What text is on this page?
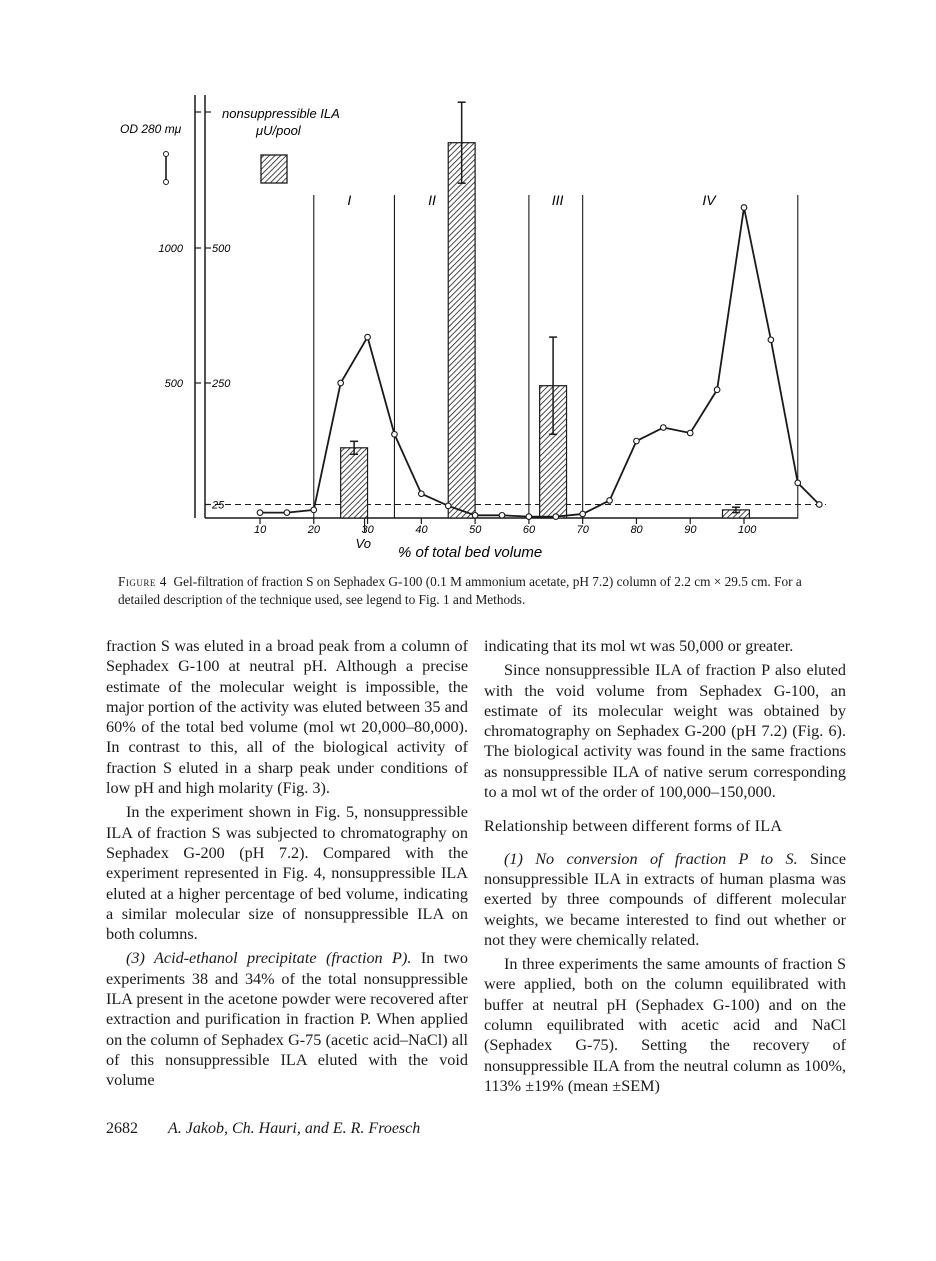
1000
500
500
250
25
10	20	30	40	50	60	70	80	90	100
Vo
I	II	III	IV
OD 280 mμ
nonsuppressible ILA
μU/pool
% of total bed volume
Figure 4 Gel-filtration of fraction S on Sephadex G-100 (0.1 M ammonium acetate, pH 7.2) column of 2.2 cm × 29.5 cm. For a detailed description of the technique used, see legend to Fig. 1 and Methods.

fraction S was eluted in a broad peak from a column of Sephadex G-100 at neutral pH. Although a precise estimate of the molecular weight is impossible, the major portion of the activity was eluted between 35 and 60% of the total bed volume (mol wt 20,000–80,000). In contrast to this, all of the biological activity of fraction S eluted in a sharp peak under conditions of low pH and high molarity (Fig. 3).

In the experiment shown in Fig. 5, nonsuppressible ILA of fraction S was subjected to chromatography on Sephadex G-200 (pH 7.2). Compared with the experiment represented in Fig. 4, nonsuppressible ILA eluted at a higher percentage of bed volume, indicating a similar molecular size of nonsuppressible ILA on both columns.

(3) Acid-ethanol precipitate (fraction P). In two experiments 38 and 34% of the total nonsuppressible ILA present in the acetone powder were recovered after extraction and purification in fraction P. When applied on the column of Sephadex G-75 (acetic acid–NaCl) all of this nonsuppressible ILA eluted with the void volume

indicating that its mol wt was 50,000 or greater.

Since nonsuppressible ILA of fraction P also eluted with the void volume from Sephadex G-100, an estimate of its molecular weight was obtained by chromatography on Sephadex G-200 (pH 7.2) (Fig. 6). The biological activity was found in the same fractions as nonsuppressible ILA of native serum corresponding to a mol wt of the order of 100,000–150,000.

Relationship between different forms of ILA

(1) No conversion of fraction P to S. Since nonsuppressible ILA in extracts of human plasma was exerted by three compounds of different molecular weights, we became interested to find out whether or not they were chemically related.

In three experiments the same amounts of fraction S were applied, both on the column equilibrated with buffer at neutral pH (Sephadex G-100) and on the column equilibrated with acetic acid and NaCl (Sephadex G-75). Setting the recovery of nonsuppressible ILA from the neutral column as 100%, 113% ±19% (mean ±SEM)

2682 A. Jakob, Ch. Hauri, and E. R. Froesch
